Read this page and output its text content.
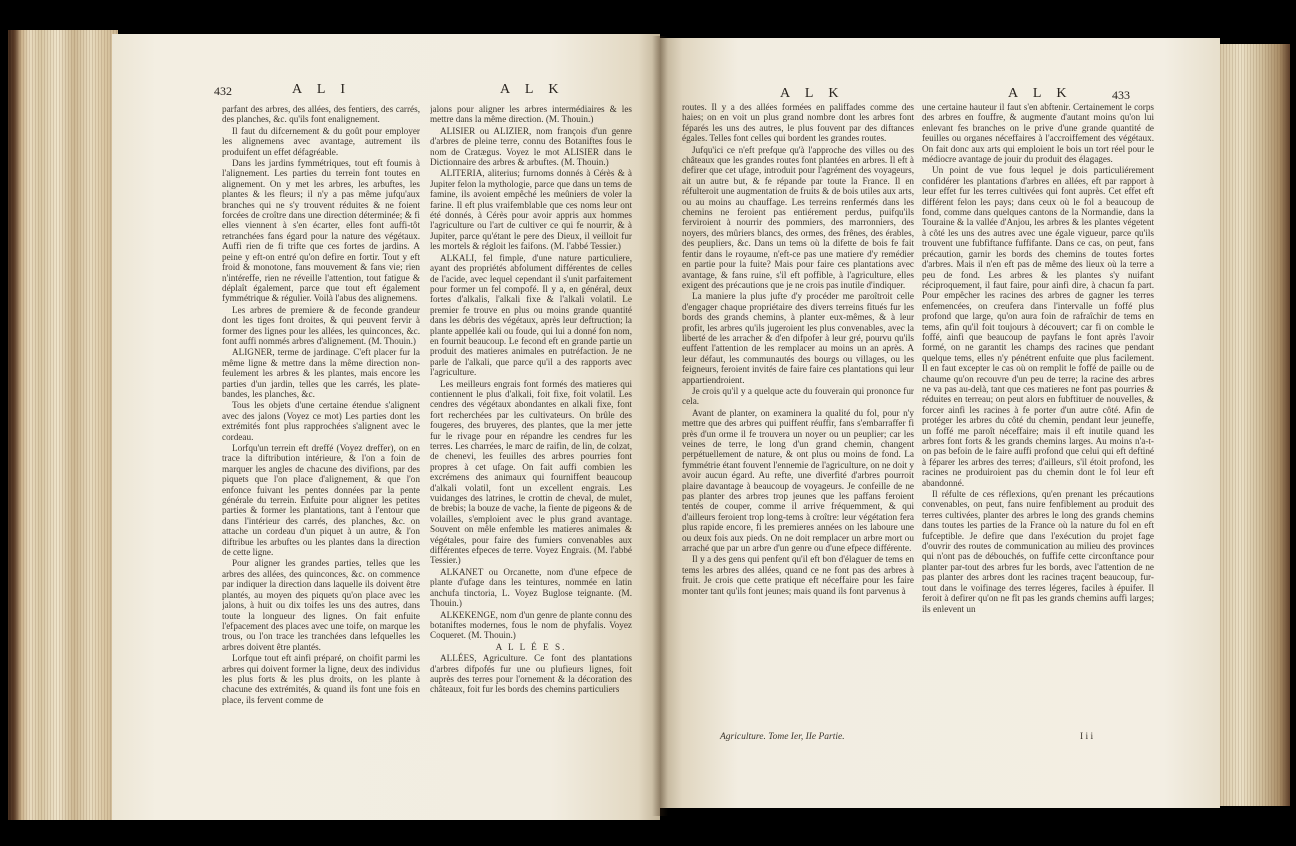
432	A L I	A L K

parfant des arbres, des allées, des fentiers, des carrés, des planches, &c. qu'ils font enalignement.

Il faut du difcernement & du goût pour employer les alignemens avec avantage, autrement ils produifent un effet défagréable.

Dans les jardins fymmétriques, tout eft foumis à l'alignement. Les parties du terrein font toutes en alignement. On y met les arbres, les arbuftes, les plantes & les fleurs; il n'y a pas même jufqu'aux branches qui ne s'y trouvent réduites & ne foient forcées de croître dans une direction déterminée; & fi elles viennent à s'en écarter, elles font auffi-tôt retranchées fans égard pour la nature des végétaux. Auffi rien de fi trifte que ces fortes de jardins. A peine y eft-on entré qu'on defire en fortir. Tout y eft froid & monotone, fans mouvement & fans vie; rien n'intéreffe, rien ne réveille l'attention, tout fatigue & déplaît également, parce que tout eft également fymmétrique & régulier. Voilà l'abus des alignemens.

Les arbres de premiere & de feconde grandeur dont les tiges font droites, & qui peuvent fervir à former des lignes pour les allées, les quinconces, &c. font auffi nommés arbres d'alignement. (M. Thouin.)

ALIGNER, terme de jardinage. C'eft placer fur la même ligne & mettre dans la même direction non-feulement les arbres & les plantes, mais encore les parties d'un jardin, telles que les carrés, les plate-bandes, les planches, &c.

Tous les objets d'une certaine étendue s'alignent avec des jalons (Voyez ce mot) Les parties dont les extrémités font plus rapprochées s'alignent avec le cordeau.

Lorfqu'un terrein eft dreffé (Voyez dreffer), on en trace la diftribution intérieure, & l'on a foin de marquer les angles de chacune des divifions, par des piquets que l'on place d'alignement, & que l'on enfonce fuivant les pentes données par la pente générale du terrein. Enfuite pour aligner les petites parties & former les plantations, tant à l'entour que dans l'intérieur des carrés, des planches, &c. on attache un cordeau d'un piquet à un autre, & l'on diftribue les arbuftes ou les plantes dans la direction de cette ligne.

Pour aligner les grandes parties, telles que les arbres des allées, des quinconces, &c. on commence par indiquer la direction dans laquelle ils doivent être plantés, au moyen des piquets qu'on place avec les jalons, à huit ou dix toifes les uns des autres, dans toute la longueur des lignes. On fait enfuite l'efpacement des places avec une toife, on marque les trous, ou l'on trace les tranchées dans lefquelles les arbres doivent être plantés.

Lorfque tout eft ainfi préparé, on choifit parmi les arbres qui doivent former la ligne, deux des individus les plus forts & les plus droits, on les plante à chacune des extrémités, & quand ils font une fois en place, ils fervent comme de

jalons pour aligner les arbres intermédiaires & les mettre dans la même direction. (M. Thouin.)

ALISIER ou ALIZIER, nom françois d'un genre d'arbres de pleine terre, connu des Botaniftes fous le nom de Cratægus. Voyez le mot ALISIER dans le Dictionnaire des arbres & arbuftes. (M. Thouin.)

ALITERIA, aliterius; furnoms donnés à Cérès & à Jupiter felon la mythologie, parce que dans un tems de famine, ils avoient empêché les meûniers de voler la farine. Il eft plus vraifemblable que ces noms leur ont été donnés, à Cérès pour avoir appris aux hommes l'agriculture ou l'art de cultiver ce qui fe nourrir, & à Jupiter, parce qu'étant le pere des Dieux, il veilloit fur les mortels & régloit les faifons. (M. l'abbé Tessier.)

ALKALI, fel fimple, d'une nature particuliere, ayant des propriétés abfolument différentes de celles de l'acide, avec lequel cependant il s'unit parfaitement pour former un fel compofé. Il y a, en général, deux fortes d'alkalis, l'alkali fixe & l'alkali volatil. Le premier fe trouve en plus ou moins grande quantité dans les débris des végétaux, après leur deftruction; la plante appellée kali ou foude, qui lui a donné fon nom, en fournit beaucoup. Le fecond eft en grande partie un produit des matieres animales en putréfaction. Je ne parle de l'alkali, que parce qu'il a des rapports avec l'agriculture.

Les meilleurs engrais font formés des matieres qui contiennent le plus d'alkali, foit fixe, foit volatil. Les cendres des végétaux abondantes en alkali fixe, font fort recherchées par les cultivateurs. On brûle des fougeres, des bruyeres, des plantes, que la mer jette fur le rivage pour en répandre les cendres fur les terres. Les charrées, le marc de raifin, de lin, de colzat, de chenevi, les feuilles des arbres pourries font propres à cet ufage. On fait auffi combien les excrémens des animaux qui fourniffent beaucoup d'alkali volatil, font un excellent engrais. Les vuidanges des latrines, le crottin de cheval, de mulet, de brebis; la bouze de vache, la fiente de pigeons & de volailles, s'emploient avec le plus grand avantage. Souvent on mêle enfemble les matieres animales & végétales, pour faire des fumiers convenables aux différentes efpeces de terre. Voyez Engrais. (M. l'abbé Tessier.)

ALKANET ou Orcanette, nom d'une efpece de plante d'ufage dans les teintures, nommée en latin anchufa tinctoria, L. Voyez Buglose teignante. (M. Thouin.)

ALKEKENGE, nom d'un genre de plante connu des botaniftes modernes, fous le nom de phyfalis. Voyez Coqueret. (M. Thouin.)

A L L É E S.

ALLÉES, Agriculture. Ce font des plantations d'arbres difpofés fur une ou plufieurs lignes, foit auprès des terres pour l'ornement & la décoration des châteaux, foit fur les bords des chemins particuliers

A L K	A L K	433

routes. Il y a des allées formées en paliffades comme des haies; on en voit un plus grand nombre dont les arbres font féparés les uns des autres, le plus fouvent par des diftances égales. Telles font celles qui bordent les grandes routes.

Jufqu'ici ce n'eft prefque qu'à l'approche des villes ou des châteaux que les grandes routes font plantées en arbres. Il eft à defirer que cet ufage, introduit pour l'agrément des voyageurs, ait un autre but, & fe répande par toute la France. Il en réfulteroit une augmentation de fruits & de bois utiles aux arts, ou au moins au chauffage. Les terreins renfermés dans les chemins ne feroient pas entiérement perdus, puifqu'ils ferviroient à nourrir des pommiers, des marronniers, des noyers, des mûriers blancs, des ormes, des frênes, des érables, des peupliers, &c. Dans un tems où la difette de bois fe fait fentir dans le royaume, n'eft-ce pas une matiere d'y remédier en partie pour la fuite? Mais pour faire ces plantations avec avantage, & fans ruine, s'il eft poffible, à l'agriculture, elles exigent des précautions que je ne crois pas inutile d'indiquer.

La maniere la plus jufte d'y procéder me paroîtroit celle d'engager chaque propriétaire des divers terreins fitués fur les bords des grands chemins, à planter eux-mêmes, & à leur profit, les arbres qu'ils jugeroient les plus convenables, avec la liberté de les arracher & d'en difpofer à leur gré, pourvu qu'ils euffent l'attention de les remplacer au moins un an après. A leur défaut, les communautés des bourgs ou villages, ou les feigneurs, feroient invités de faire faire ces plantations qui leur appartiendroient.

Je crois qu'il y a quelque acte du fouverain qui prononce fur cela.

Avant de planter, on examinera la qualité du fol, pour n'y mettre que des arbres qui puiffent réuffir, fans s'embarraffer fi près d'un orme il fe trouvera un noyer ou un peuplier; car les veines de terre, le long d'un grand chemin, changent perpétuellement de nature, & ont plus ou moins de fond. La fymmétrie étant fouvent l'ennemie de l'agriculture, on ne doit y avoir aucun égard. Au refte, une diverfité d'arbres pourroit plaire davantage à beaucoup de voyageurs. Je confeille de ne pas planter des arbres trop jeunes que les paffans feroient tentés de couper, comme il arrive fréquemment, & qui d'ailleurs feroient trop long-tems à croître: leur végétation fera plus rapide encore, fi les premieres années on les laboure une ou deux fois aux pieds. On ne doit remplacer un arbre mort ou arraché que par un arbre d'un genre ou d'une efpece différente.

Il y a des gens qui penfent qu'il eft bon d'élaguer de tems en tems les arbres des allées, quand ce ne font pas des arbres à fruit. Je crois que cette pratique eft néceffaire pour les faire monter tant qu'ils font jeunes; mais quand ils font parvenus à

Agriculture. Tome Ier, IIe Partie.

une certaine hauteur il faut s'en abftenir. Certainement le corps des arbres en fouffre, & augmente d'autant moins qu'on lui enlevant fes branches on le prive d'une grande quantité de feuilles ou organes néceffaires à l'accroiffement des végétaux. On fait donc aux arts qui emploient le bois un tort réel pour le médiocre avantage de jouir du produit des élagages.

Un point de vue fous lequel je dois particuliérement confidérer les plantations d'arbres en allées, eft par rapport à leur effet fur les terres cultivées qui font auprès. Cet effet eft différent felon les pays; dans ceux où le fol a beaucoup de fond, comme dans quelques cantons de la Normandie, dans la Touraine & la vallée d'Anjou, les arbres & les plantes végetent à côté les uns des autres avec une égale vigueur, parce qu'ils trouvent une fubfiftance fuffifante. Dans ce cas, on peut, fans précaution, garnir les bords des chemins de toutes fortes d'arbres. Mais il n'en eft pas de même des lieux où la terre a peu de fond. Les arbres & les plantes s'y nuifant réciproquement, il faut faire, pour ainfi dire, à chacun fa part. Pour empêcher les racines des arbres de gagner les terres enfemencées, on creufera dans l'intervalle un foffé plus profond que large, qu'on aura foin de rafraîchir de tems en tems, afin qu'il foit toujours à découvert; car fi on comble le foffé, ainfi que beaucoup de payfans le font après l'avoir formé, on ne garantit les champs des racines que pendant quelque tems, elles n'y pénétrent enfuite que plus facilement. Il en faut excepter le cas où on remplit le foffé de paille ou de chaume qu'on recouvre d'un peu de terre; la racine des arbres ne va pas au-delà, tant que ces matieres ne font pas pourries & réduites en terreau; on peut alors en fubftituer de nouvelles, & forcer ainfi les racines à fe porter d'un autre côté. Afin de protéger les arbres du côté du chemin, pendant leur jeuneffe, un foffé me paroît néceffaire; mais il eft inutile quand les arbres font forts & les grands chemins larges. Au moins n'a-t-on pas befoin de le faire auffi profond que celui qui eft deftiné à féparer les arbres des terres; d'ailleurs, s'il étoit profond, les racines ne produiroient pas du chemin dont le fol leur eft abandonné.

Il réfulte de ces réflexions, qu'en prenant les précautions convenables, on peut, fans nuire fenfiblement au produit des terres cultivées, planter des arbres le long des grands chemins dans toutes les parties de la France où la nature du fol en eft fufceptible. Je defire que dans l'exécution du projet fage d'ouvrir des routes de communication au milieu des provinces qui n'ont pas de débouchés, on fuffife cette circonftance pour planter par-tout des arbres fur les bords, avec l'attention de ne pas planter des arbres dont les racines traçent beaucoup, fur-tout dans le voifinage des terres légeres, faciles à épuifer. Il feroit à defirer qu'on ne fît pas les grands chemins auffi larges; ils enlevent un

I i i
